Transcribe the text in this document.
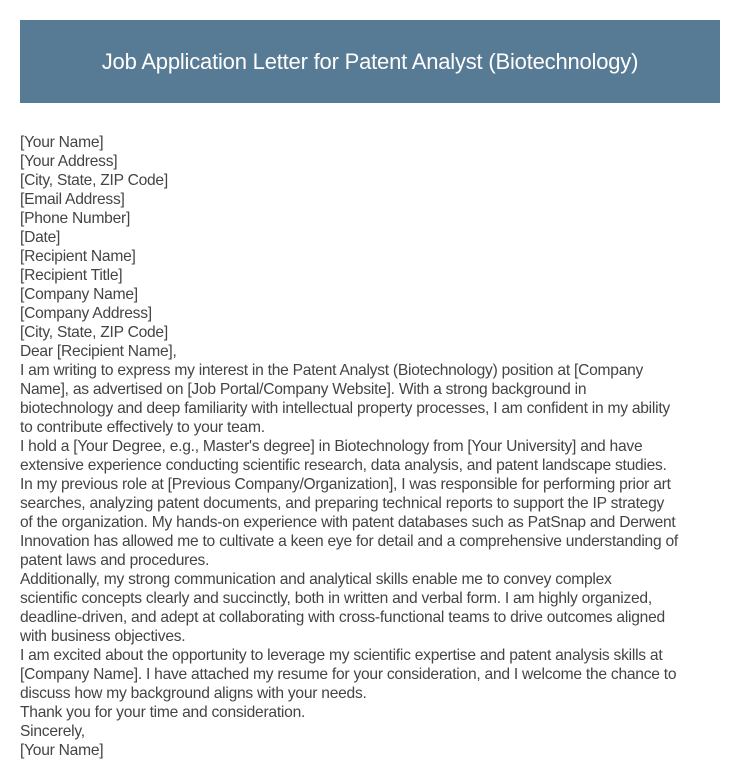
Job Application Letter for Patent Analyst (Biotechnology)
[Your Name]
[Your Address]
[City, State, ZIP Code]
[Email Address]
[Phone Number]
[Date]
[Recipient Name]
[Recipient Title]
[Company Name]
[Company Address]
[City, State, ZIP Code]
Dear [Recipient Name],

I am writing to express my interest in the Patent Analyst (Biotechnology) position at [Company
Name], as advertised on [Job Portal/Company Website]. With a strong background in
biotechnology and deep familiarity with intellectual property processes, I am confident in my ability
to contribute effectively to your team.

I hold a [Your Degree, e.g., Master's degree] in Biotechnology from [Your University] and have
extensive experience conducting scientific research, data analysis, and patent landscape studies.
In my previous role at [Previous Company/Organization], I was responsible for performing prior art
searches, analyzing patent documents, and preparing technical reports to support the IP strategy
of the organization. My hands-on experience with patent databases such as PatSnap and Derwent
Innovation has allowed me to cultivate a keen eye for detail and a comprehensive understanding of
patent laws and procedures.

Additionally, my strong communication and analytical skills enable me to convey complex
scientific concepts clearly and succinctly, both in written and verbal form. I am highly organized,
deadline-driven, and adept at collaborating with cross-functional teams to drive outcomes aligned
with business objectives.

I am excited about the opportunity to leverage my scientific expertise and patent analysis skills at
[Company Name]. I have attached my resume for your consideration, and I welcome the chance to
discuss how my background aligns with your needs.

Thank you for your time and consideration.
Sincerely,
[Your Name]
